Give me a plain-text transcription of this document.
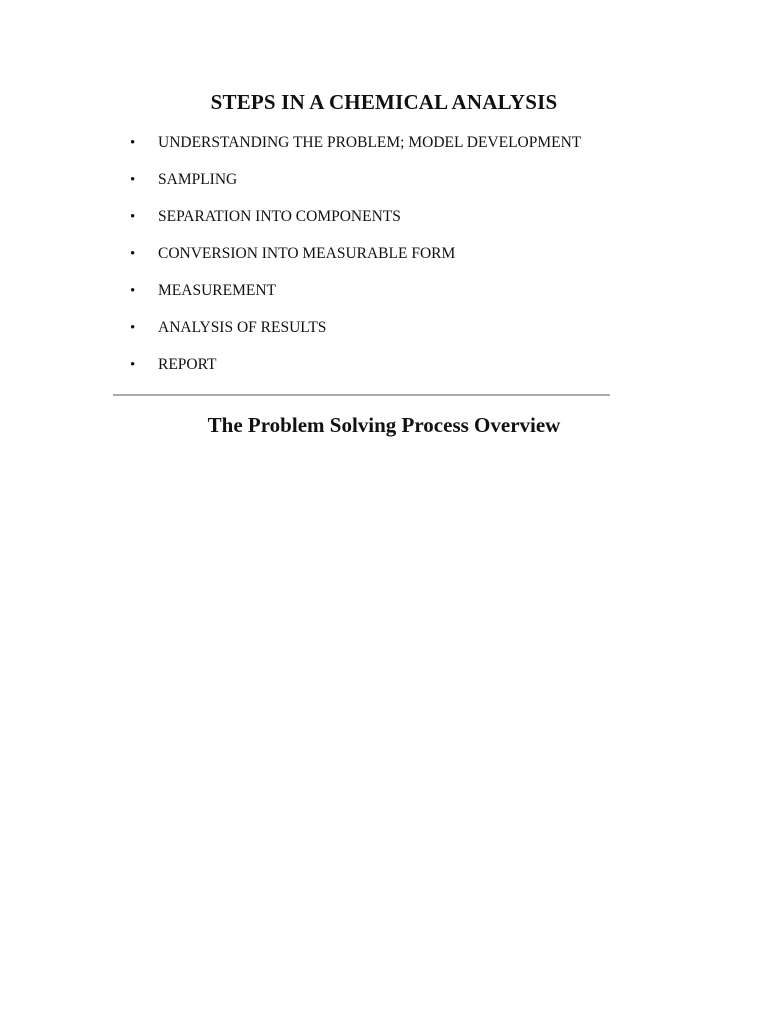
STEPS IN A CHEMICAL ANALYSIS
•	UNDERSTANDING THE PROBLEM; MODEL DEVELOPMENT
•	SAMPLING
•	SEPARATION INTO COMPONENTS
•	CONVERSION INTO MEASURABLE FORM
•	MEASUREMENT
•	ANALYSIS OF RESULTS
•	REPORT
The Problem Solving Process Overview
